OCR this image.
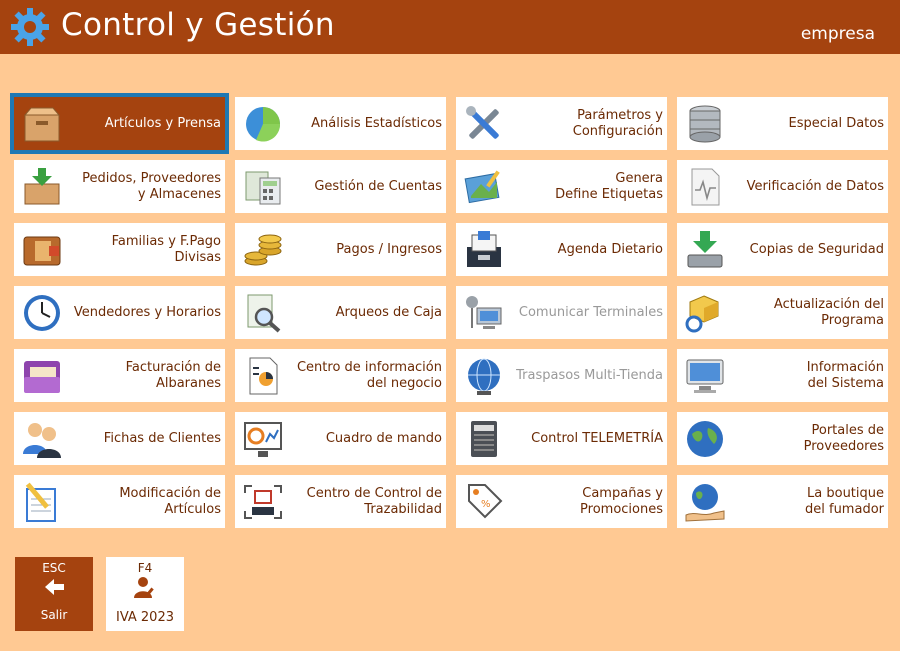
Control y Gestión	empresa
Artículos y Prensa	Análisis Estadísticos
Parámetros y
Configuración
Especial Datos
Pedidos, Proveedores
y Almacenes
Gestión de Cuentas
Genera
Define Etiquetas
Verificación de Datos
Familias y F.Pago
Divisas
Pagos / Ingresos	Agenda Dietario	Copias de Seguridad
Vendedores y Horarios	Arqueos de Caja	Comunicar Terminales
Actualización del
Programa
Facturación de
Albaranes
Centro de información
del negocio
Traspasos Multi-Tienda
Información
del Sistema
Fichas de Clientes	Cuadro de mando	Control TELEMETRÍA
Portales de
Proveedores
Modificación de
Artículos
Centro de Control de
Trazabilidad	%
Campañas y
Promociones
La boutique
del fumador
ESC
Salir
F4
IVA 2023
